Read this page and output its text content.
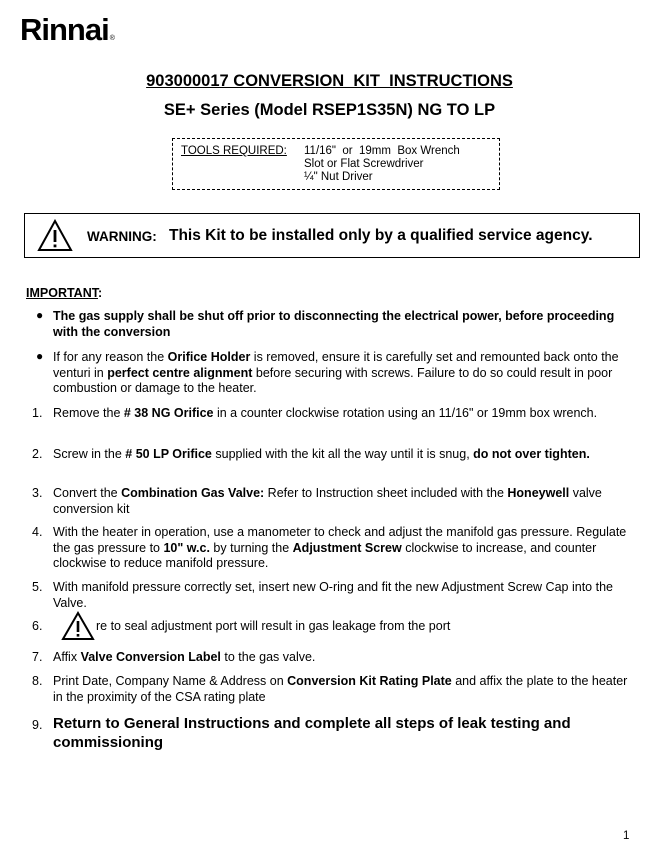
Rinnai®
903000017 CONVERSION  KIT  INSTRUCTIONS
SE+ Series (Model RSEP1S35N) NG TO LP
TOOLS REQUIRED: 11/16"  or  19mm  Box Wrench
Slot or Flat Screwdriver
¼" Nut Driver
WARNING: This Kit to be installed only by a qualified service agency.
IMPORTANT:
● The gas supply shall be shut off prior to disconnecting the electrical power, before proceeding with the conversion
● If for any reason the Orifice Holder is removed, ensure it is carefully set and remounted back onto the venturi in perfect centre alignment before securing with screws. Failure to do so could result in poor combustion or damage to the heater.
1. Remove the # 38 NG Orifice in a counter clockwise rotation using an 11/16" or 19mm box wrench.
2. Screw in the # 50 LP Orifice supplied with the kit all the way until it is snug, do not over tighten.
3. Convert the Combination Gas Valve: Refer to Instruction sheet included with the Honeywell valve conversion kit
4. With the heater in operation, use a manometer to check and adjust the manifold gas pressure. Regulate the gas pressure to 10" w.c. by turning the Adjustment Screw clockwise to increase, and counter clockwise to reduce manifold pressure.
5. With manifold pressure correctly set, insert new O-ring and fit the new Adjustment Screw Cap into the Valve.
6.	re to seal adjustment port will result in gas leakage from the port
7. Affix Valve Conversion Label to the gas valve.
8. Print Date, Company Name & Address on Conversion Kit Rating Plate and affix the plate to the heater in the proximity of the CSA rating plate
9. Return to General Instructions and complete all steps of leak testing and commissioning
1
